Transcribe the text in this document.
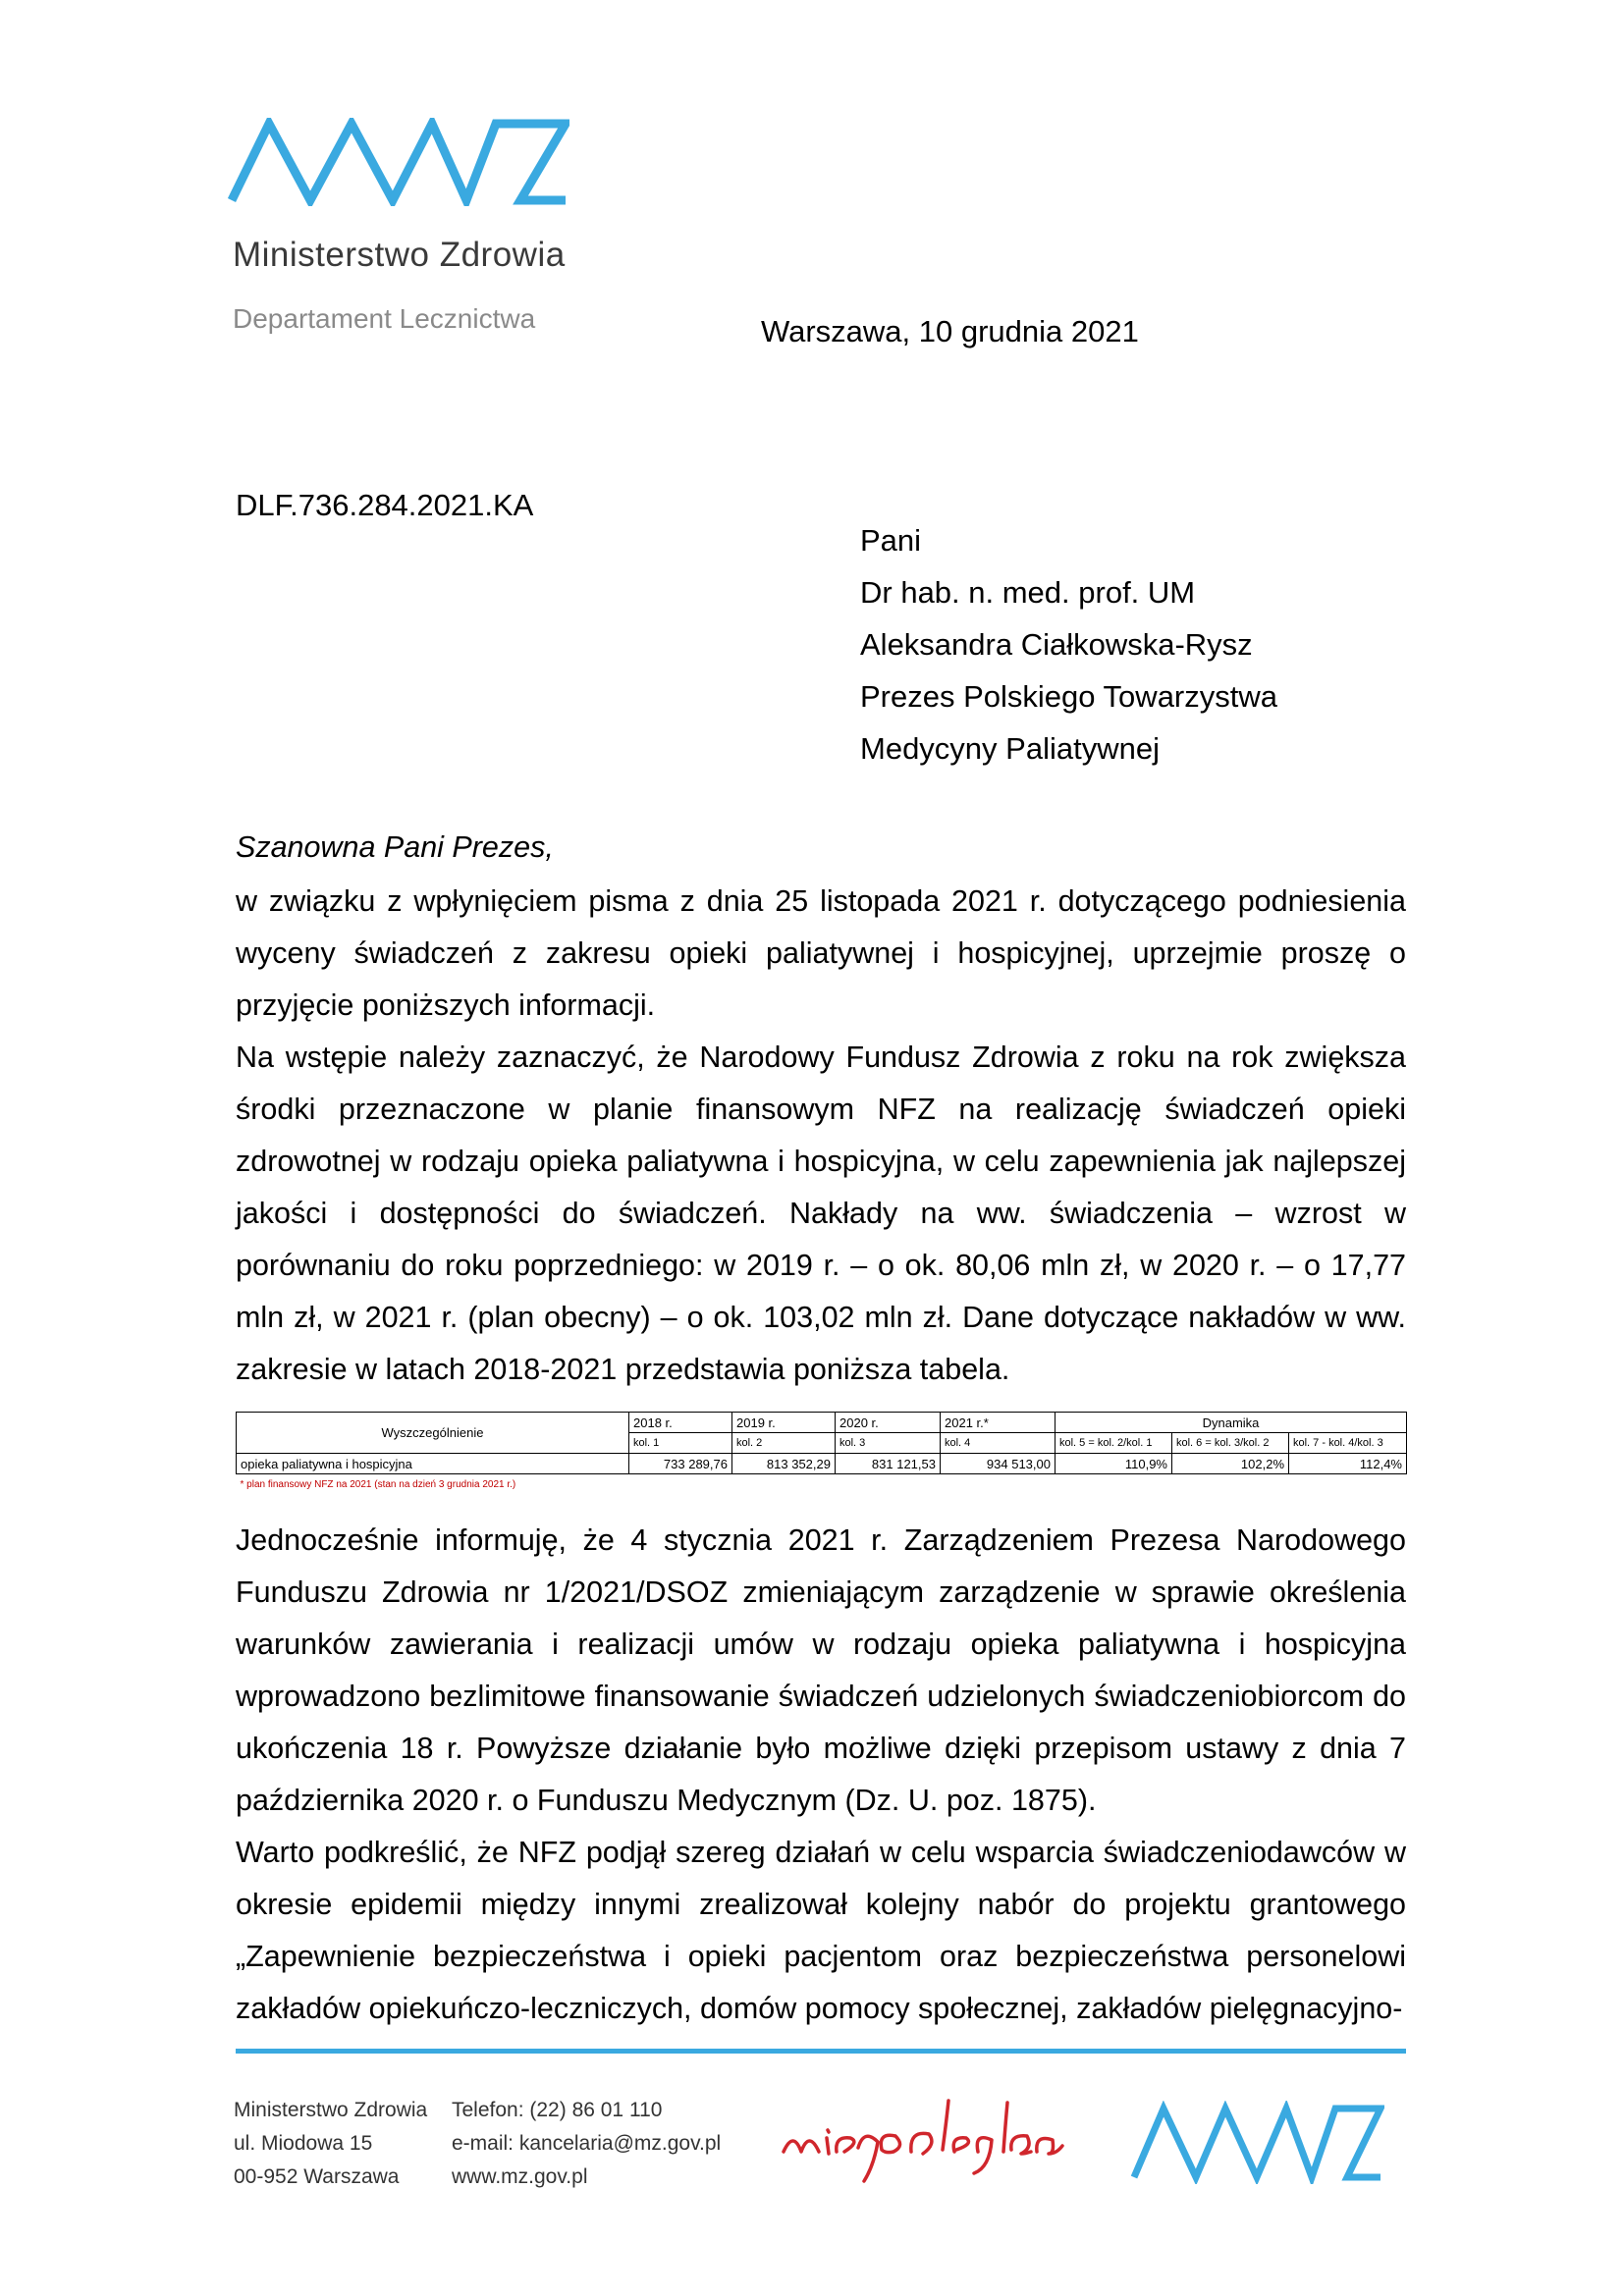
Ministerstwo Zdrowia
Departament Lecznictwa	Warszawa, 10 grudnia 2021
DLF.736.284.2021.KA
Pani
Dr hab. n. med. prof. UM
Aleksandra Ciałkowska-Rysz
Prezes Polskiego Towarzystwa
Medycyny Paliatywnej
Szanowna Pani Prezes,

w związku z wpłynięciem pisma z dnia 25 listopada 2021 r. dotyczącego podniesienia wyceny świadczeń z zakresu opieki paliatywnej i hospicyjnej, uprzejmie proszę o przyjęcie poniższych informacji.

Na wstępie należy zaznaczyć, że Narodowy Fundusz Zdrowia z roku na rok zwiększa środki przeznaczone w planie finansowym NFZ na realizację świadczeń opieki zdrowotnej w rodzaju opieka paliatywna i hospicyjna, w celu zapewnienia jak najlepszej jakości i dostępności do świadczeń. Nakłady na ww. świadczenia – wzrost w porównaniu do roku poprzedniego: w 2019 r. – o ok. 80,06 mln zł, w 2020 r. – o 17,77 mln zł, w 2021 r. (plan obecny) – o ok. 103,02 mln zł. Dane dotyczące nakładów w ww. zakresie w latach 2018-2021 przedstawia poniższa tabela.

Wyszczególnienie	2018 r.	2019 r.	2020 r.	2021 r.*	Dynamika		
	kol. 1	kol. 2	kol. 3	kol. 4	kol. 5 = kol. 2/kol. 1	kol. 6 = kol. 3/kol. 2	kol. 7 - kol. 4/kol. 3
opieka paliatywna i hospicyjna	733 289,76	813 352,29	831 121,53	934 513,00	110,9%	102,2%	112,4%
* plan finansowy NFZ na 2021 (stan na dzień 3 grudnia 2021 r.)							

Jednocześnie informuję, że 4 stycznia 2021 r. Zarządzeniem Prezesa Narodowego Funduszu Zdrowia nr 1/2021/DSOZ zmieniającym zarządzenie w sprawie określenia warunków zawierania i realizacji umów w rodzaju opieka paliatywna i hospicyjna wprowadzono bezlimitowe finansowanie świadczeń udzielonych świadczeniobiorcom do ukończenia 18 r. Powyższe działanie było możliwe dzięki przepisom ustawy z dnia 7 października 2020 r. o Funduszu Medycznym (Dz. U. poz. 1875).

Warto podkreślić, że NFZ podjął szereg działań w celu wsparcia świadczeniodawców w okresie epidemii między innymi zrealizował kolejny nabór do projektu grantowego „Zapewnienie bezpieczeństwa i opieki pacjentom oraz bezpieczeństwa personelowi zakładów opiekuńczo-leczniczych, domów pomocy społecznej, zakładów pielęgnacyjno-

Ministerstwo Zdrowia
ul. Miodowa 15
00-952 Warszawa
Telefon: (22) 86 01 110
e-mail: kancelaria@mz.gov.pl
www.mz.gov.pl
